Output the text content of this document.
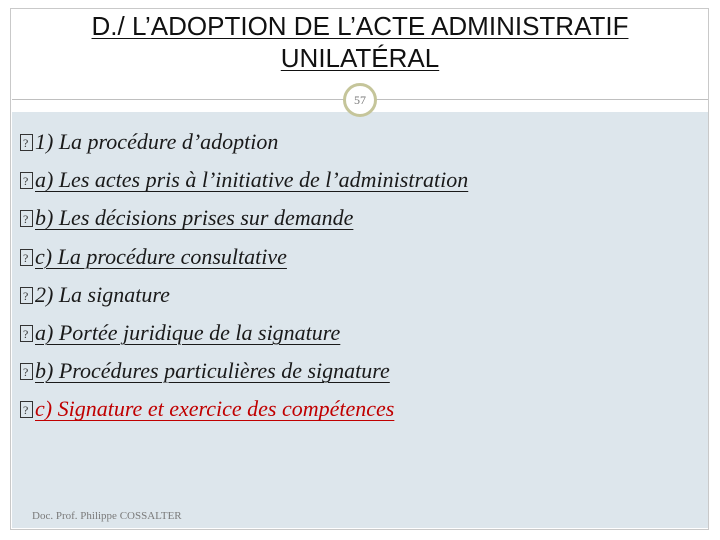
D./ L’ADOPTION DE L’ACTE ADMINISTRATIF
UNILATÉRAL
57
?1) La procédure d’adoption
?a) Les actes pris à l’initiative de l’administration
?b) Les décisions prises sur demande
?c) La procédure consultative
?2) La signature
?a) Portée juridique de la signature
?b) Procédures particulières de signature
?c) Signature et exercice des compétences
Doc. Prof. Philippe COSSALTER
